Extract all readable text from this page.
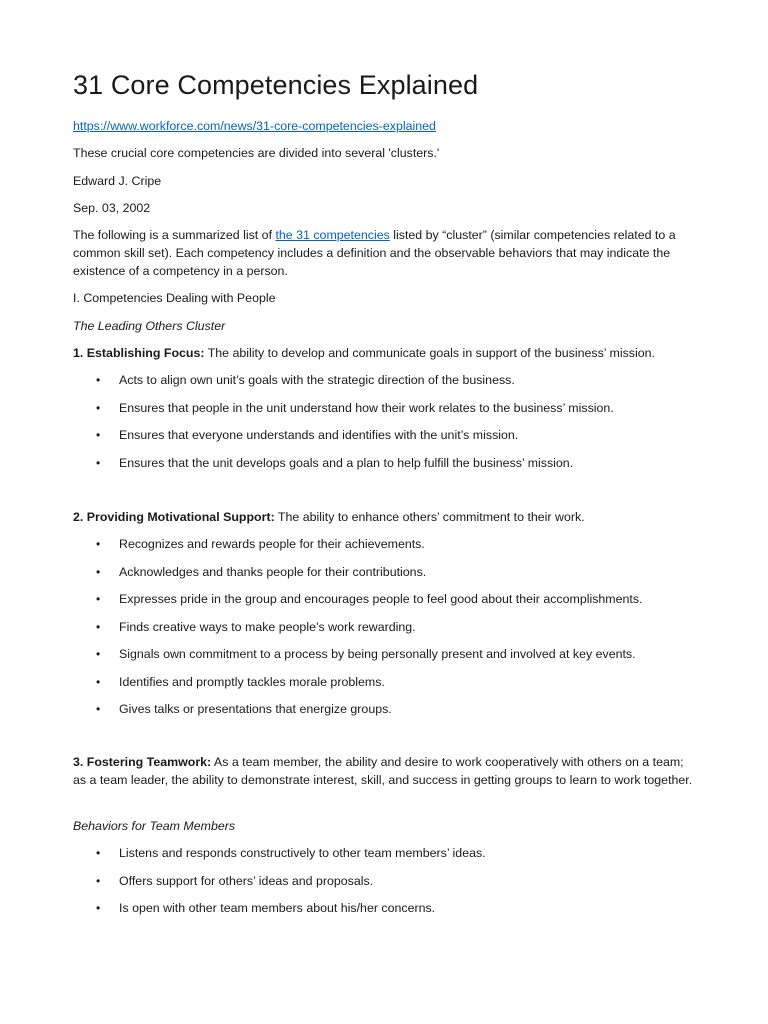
31 Core Competencies Explained
https://www.workforce.com/news/31-core-competencies-explained
These crucial core competencies are divided into several 'clusters.'
Edward J. Cripe
Sep. 03, 2002
The following is a summarized list of the 31 competencies listed by “cluster” (similar competencies related to a common skill set). Each competency includes a definition and the observable behaviors that may indicate the existence of a competency in a person.
I. Competencies Dealing with People
The Leading Others Cluster
1. Establishing Focus: The ability to develop and communicate goals in support of the business’ mission.
• Acts to align own unit’s goals with the strategic direction of the business.
• Ensures that people in the unit understand how their work relates to the business’ mission.
• Ensures that everyone understands and identifies with the unit’s mission.
• Ensures that the unit develops goals and a plan to help fulfill the business’ mission.
2. Providing Motivational Support: The ability to enhance others’ commitment to their work.
• Recognizes and rewards people for their achievements.
• Acknowledges and thanks people for their contributions.
• Expresses pride in the group and encourages people to feel good about their accomplishments.
• Finds creative ways to make people’s work rewarding.
• Signals own commitment to a process by being personally present and involved at key events.
• Identifies and promptly tackles morale problems.
• Gives talks or presentations that energize groups.
3. Fostering Teamwork: As a team member, the ability and desire to work cooperatively with others on a team; as a team leader, the ability to demonstrate interest, skill, and success in getting groups to learn to work together.
Behaviors for Team Members
• Listens and responds constructively to other team members’ ideas.
• Offers support for others’ ideas and proposals.
• Is open with other team members about his/her concerns.
